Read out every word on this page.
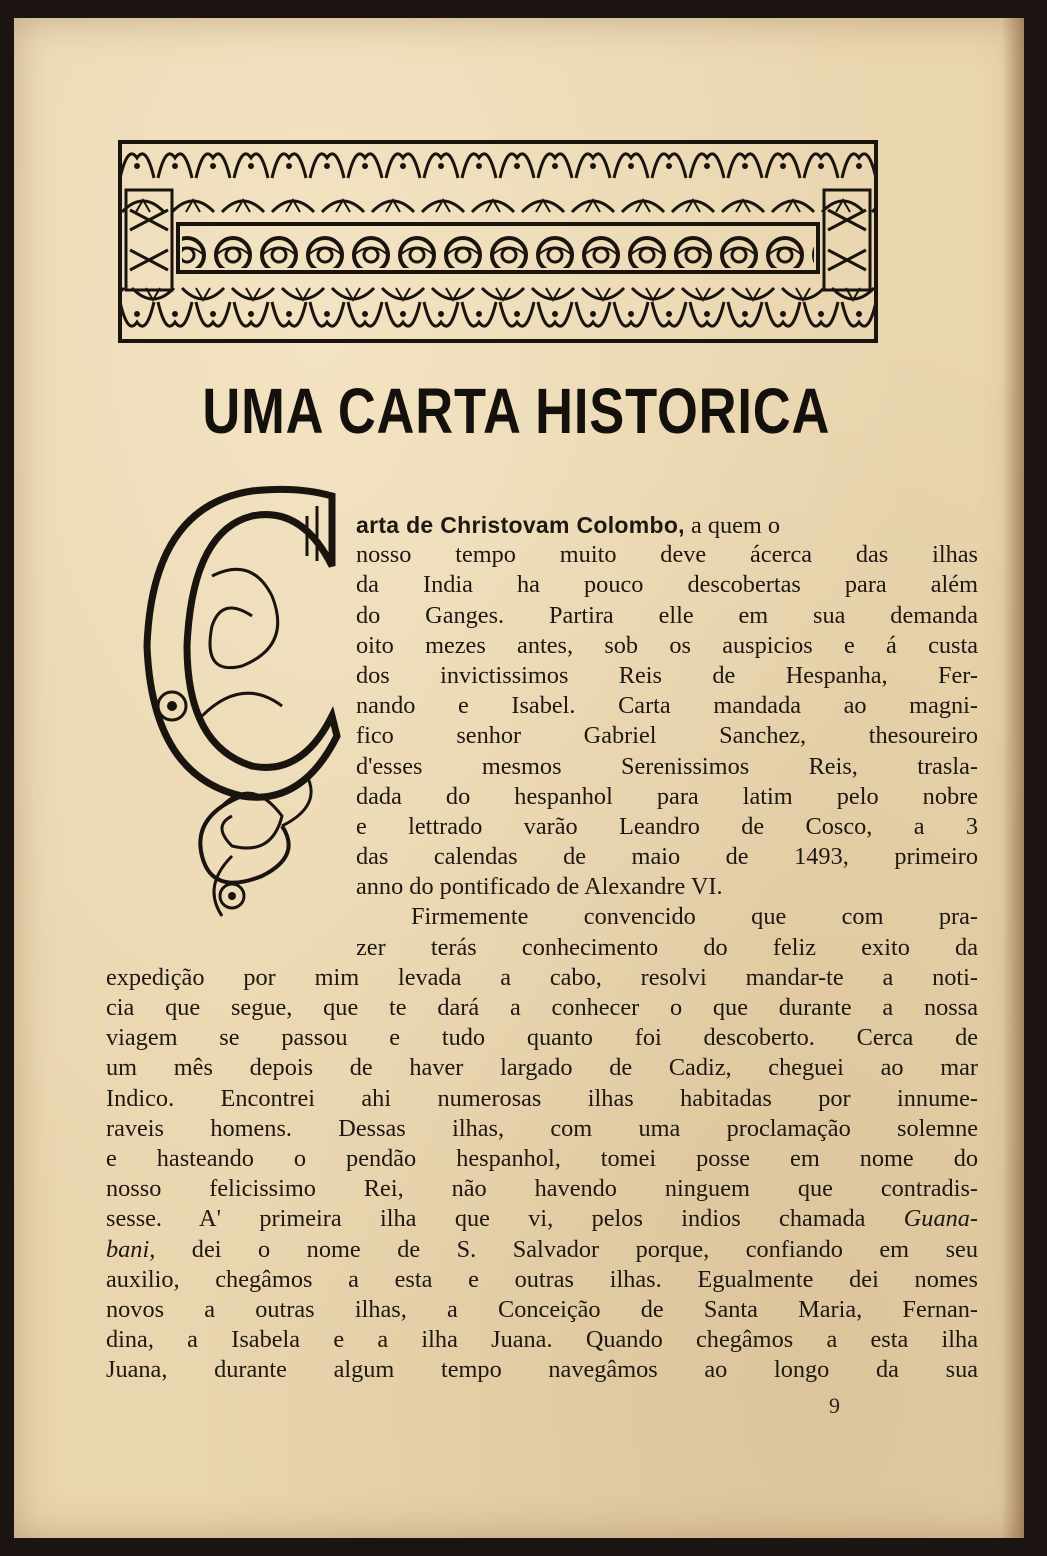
UMA CARTA HISTORICA
arta de Christovam Colombo, a quem o
nosso tempo muito deve ácerca das ilhas
da India ha pouco descobertas para além
do Ganges. Partira elle em sua demanda
oito mezes antes, sob os auspicios e á custa
dos invictissimos Reis de Hespanha, Fer-
nando e Isabel. Carta mandada ao magni-
fico senhor Gabriel Sanchez, thesoureiro
d'esses mesmos Serenissimos Reis, trasla-
dada do hespanhol para latim pelo nobre
e lettrado varão Leandro de Cosco, a 3
das calendas de maio de 1493, primeiro
anno do pontificado de Alexandre VI.
Firmemente convencido que com pra-
zer terás conhecimento do feliz exito da
expedição por mim levada a cabo, resolvi mandar-te a noti-
cia que segue, que te dará a conhecer o que durante a nossa
viagem se passou e tudo quanto foi descoberto. Cerca de
um mês depois de haver largado de Cadiz, cheguei ao mar
Indico. Encontrei ahi numerosas ilhas habitadas por innume-
raveis homens. Dessas ilhas, com uma proclamação solemne
e hasteando o pendão hespanhol, tomei posse em nome do
nosso felicissimo Rei, não havendo ninguem que contradis-
sesse. A' primeira ilha que vi, pelos indios chamada Guana-
bani, dei o nome de S. Salvador porque, confiando em seu
auxilio, chegâmos a esta e outras ilhas. Egualmente dei nomes
novos a outras ilhas, a Conceição de Santa Maria, Fernan-
dina, a Isabela e a ilha Juana. Quando chegâmos a esta ilha
Juana, durante algum tempo navegâmos ao longo da sua
9
